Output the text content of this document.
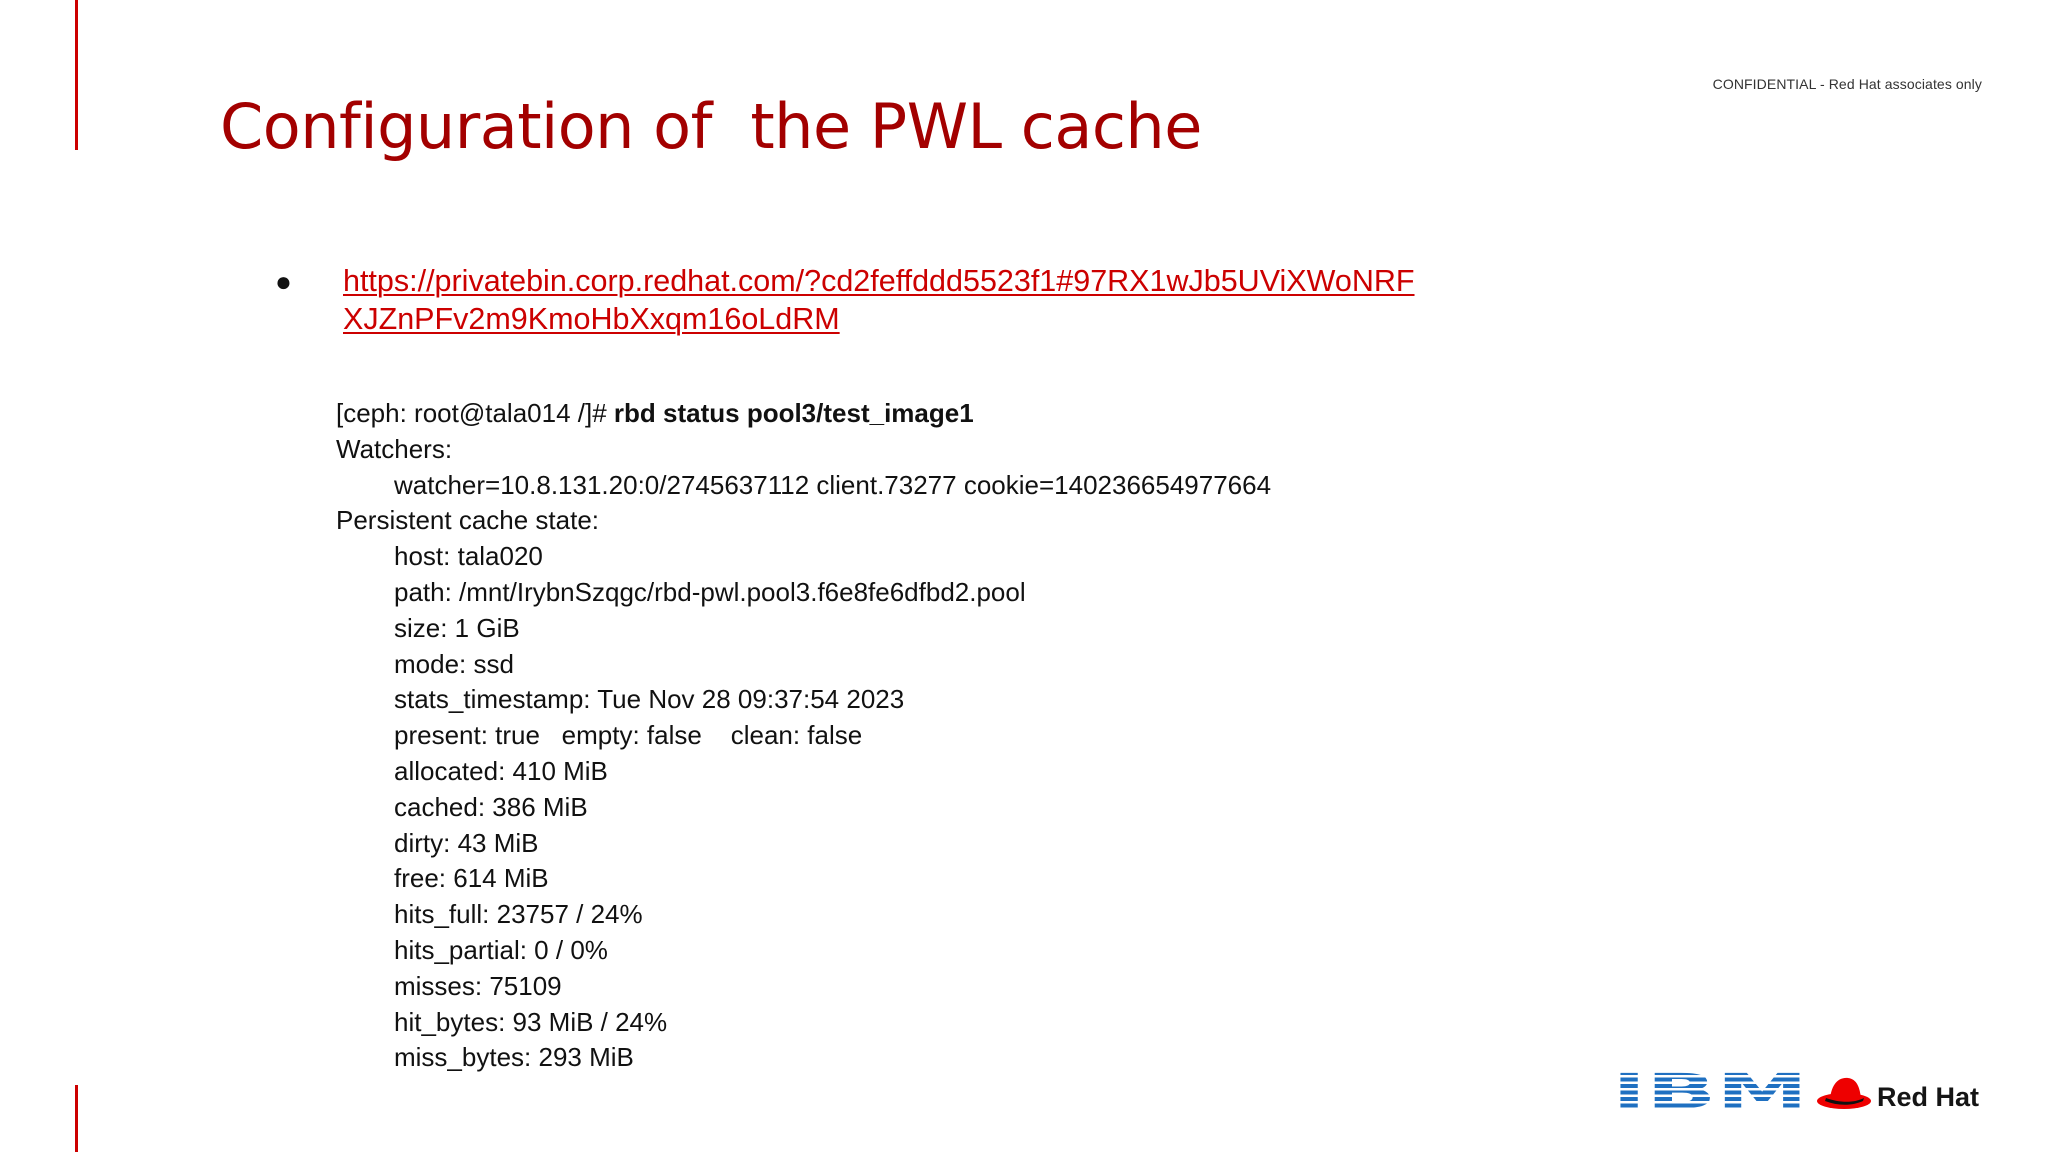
CONFIDENTIAL - Red Hat associates only
Configuration of  the PWL cache
●	https://privatebin.corp.redhat.com/?cd2feffddd5523f1#97RX1wJb5UViXWoNRF
XJZnPFv2m9KmoHbXxqm16oLdRM
[ceph: root@tala014 /]# rbd status pool3/test_image1
Watchers:
watcher=10.8.131.20:0/2745637112 client.73277 cookie=140236654977664
Persistent cache state:
host: tala020
path: /mnt/IrybnSzqgc/rbd-pwl.pool3.f6e8fe6dfbd2.pool
size: 1 GiB
mode: ssd
stats_timestamp: Tue Nov 28 09:37:54 2023
present: true   empty: false    clean: false
allocated: 410 MiB
cached: 386 MiB
dirty: 43 MiB
free: 614 MiB
hits_full: 23757 / 24%
hits_partial: 0 / 0%
misses: 75109
hit_bytes: 93 MiB / 24%
miss_bytes: 293 MiB
Red Hat
